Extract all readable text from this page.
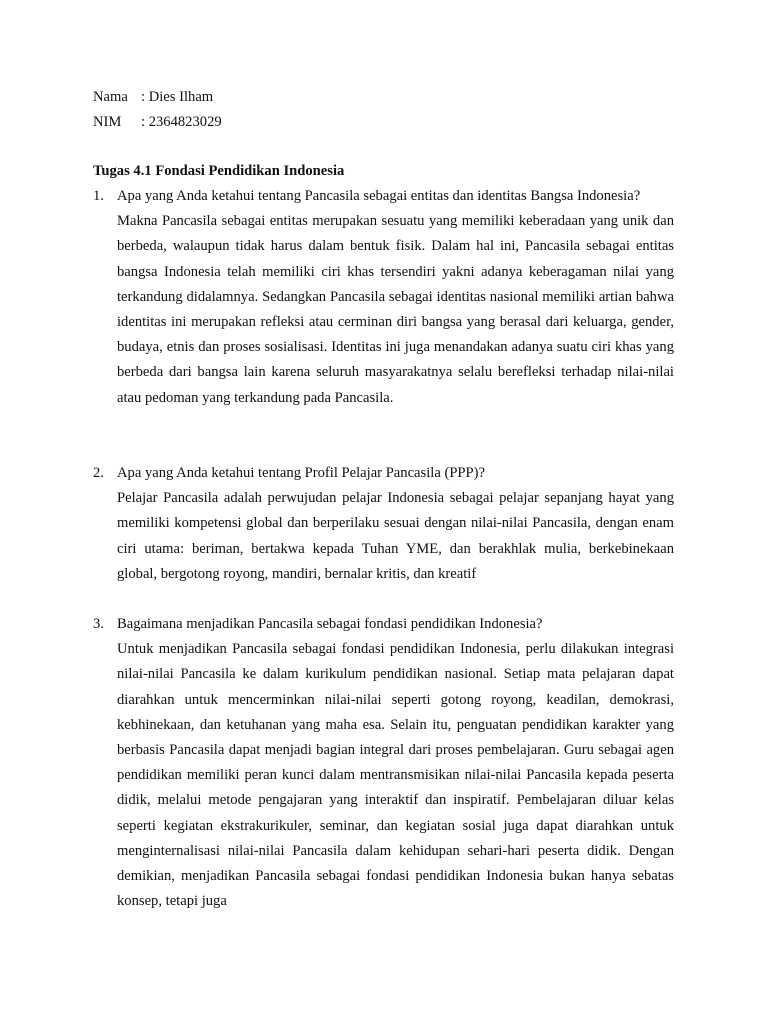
Nama : Dies Ilham
NIM : 2364823029
Tugas 4.1 Fondasi Pendidikan Indonesia
1. Apa yang Anda ketahui tentang Pancasila sebagai entitas dan identitas Bangsa Indonesia?
Makna Pancasila sebagai entitas merupakan sesuatu yang memiliki keberadaan yang unik dan berbeda, walaupun tidak harus dalam bentuk fisik. Dalam hal ini, Pancasila sebagai entitas bangsa Indonesia telah memiliki ciri khas tersendiri yakni adanya keberagaman nilai yang terkandung didalamnya. Sedangkan Pancasila sebagai identitas nasional memiliki artian bahwa identitas ini merupakan refleksi atau cerminan diri bangsa yang berasal dari keluarga, gender, budaya, etnis dan proses sosialisasi. Identitas ini juga menandakan adanya suatu ciri khas yang berbeda dari bangsa lain karena seluruh masyarakatnya selalu berefleksi terhadap nilai-nilai atau pedoman yang terkandung pada Pancasila.
2. Apa yang Anda ketahui tentang Profil Pelajar Pancasila (PPP)?
Pelajar Pancasila adalah perwujudan pelajar Indonesia sebagai pelajar sepanjang hayat yang memiliki kompetensi global dan berperilaku sesuai dengan nilai-nilai Pancasila, dengan enam ciri utama: beriman, bertakwa kepada Tuhan YME, dan berakhlak mulia, berkebinekaan global, bergotong royong, mandiri, bernalar kritis, dan kreatif
3. Bagaimana menjadikan Pancasila sebagai fondasi pendidikan Indonesia?
Untuk menjadikan Pancasila sebagai fondasi pendidikan Indonesia, perlu dilakukan integrasi nilai-nilai Pancasila ke dalam kurikulum pendidikan nasional. Setiap mata pelajaran dapat diarahkan untuk mencerminkan nilai-nilai seperti gotong royong, keadilan, demokrasi, kebhinekaan, dan ketuhanan yang maha esa. Selain itu, penguatan pendidikan karakter yang berbasis Pancasila dapat menjadi bagian integral dari proses pembelajaran. Guru sebagai agen pendidikan memiliki peran kunci dalam mentransmisikan nilai-nilai Pancasila kepada peserta didik, melalui metode pengajaran yang interaktif dan inspiratif. Pembelajaran diluar kelas seperti kegiatan ekstrakurikuler, seminar, dan kegiatan sosial juga dapat diarahkan untuk menginternalisasi nilai-nilai Pancasila dalam kehidupan sehari-hari peserta didik. Dengan demikian, menjadikan Pancasila sebagai fondasi pendidikan Indonesia bukan hanya sebatas konsep, tetapi juga
